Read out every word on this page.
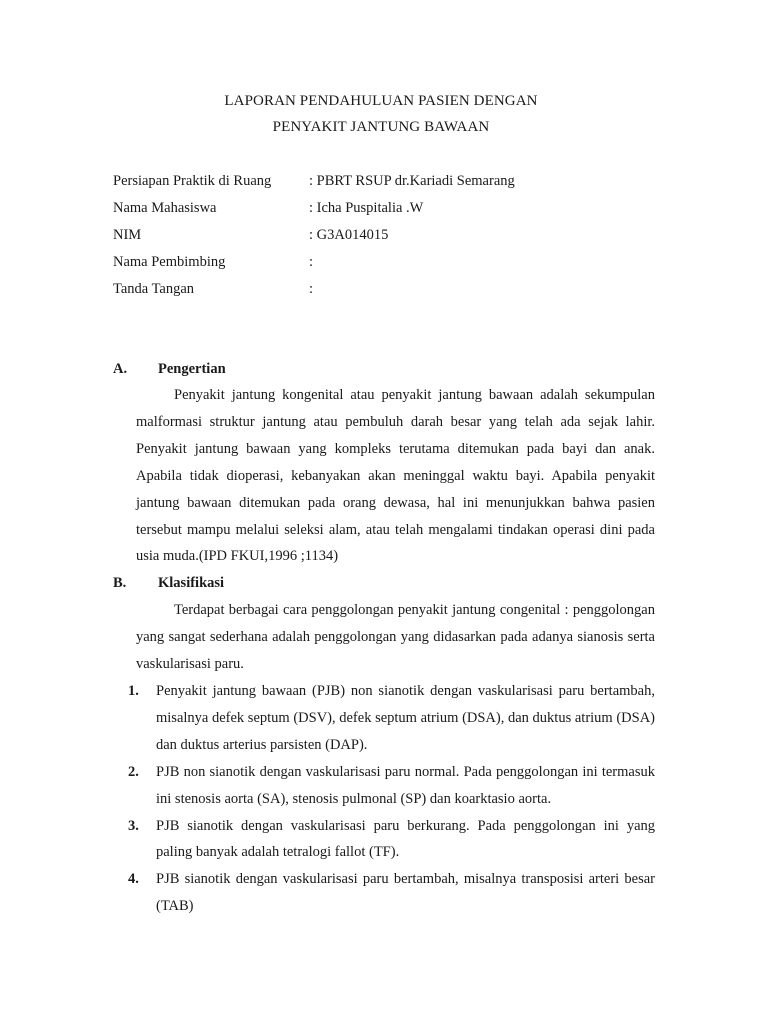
LAPORAN PENDAHULUAN PASIEN DENGAN
PENYAKIT JANTUNG BAWAAN
Persiapan Praktik di Ruang	: PBRT RSUP dr.Kariadi Semarang
Nama Mahasiswa	: Icha Puspitalia .W
NIM	: G3A014015
Nama Pembimbing	:
Tanda Tangan	:
A. Pengertian

Penyakit jantung kongenital atau penyakit jantung bawaan adalah sekumpulan malformasi struktur jantung atau pembuluh darah besar yang telah ada sejak lahir. Penyakit jantung bawaan yang kompleks terutama ditemukan pada bayi dan anak. Apabila tidak dioperasi, kebanyakan akan meninggal waktu bayi. Apabila penyakit jantung bawaan ditemukan pada orang dewasa, hal ini menunjukkan bahwa pasien tersebut mampu melalui seleksi alam, atau telah mengalami tindakan operasi dini pada usia muda.(IPD FKUI,1996 ;1134)

B. Klasifikasi

Terdapat berbagai cara penggolongan penyakit jantung congenital : penggolongan yang sangat sederhana adalah penggolongan yang didasarkan pada adanya sianosis serta vaskularisasi paru.

1. Penyakit jantung bawaan (PJB) non sianotik dengan vaskularisasi paru bertambah, misalnya defek septum (DSV), defek septum atrium (DSA), dan duktus atrium (DSA) dan duktus arterius parsisten (DAP).
2. PJB non sianotik dengan vaskularisasi paru normal. Pada penggolongan ini termasuk ini stenosis aorta (SA), stenosis pulmonal (SP) dan koarktasio aorta.
3. PJB sianotik dengan vaskularisasi paru berkurang. Pada penggolongan ini yang paling banyak adalah tetralogi fallot (TF).
4. PJB sianotik dengan vaskularisasi paru bertambah, misalnya transposisi arteri besar (TAB)
